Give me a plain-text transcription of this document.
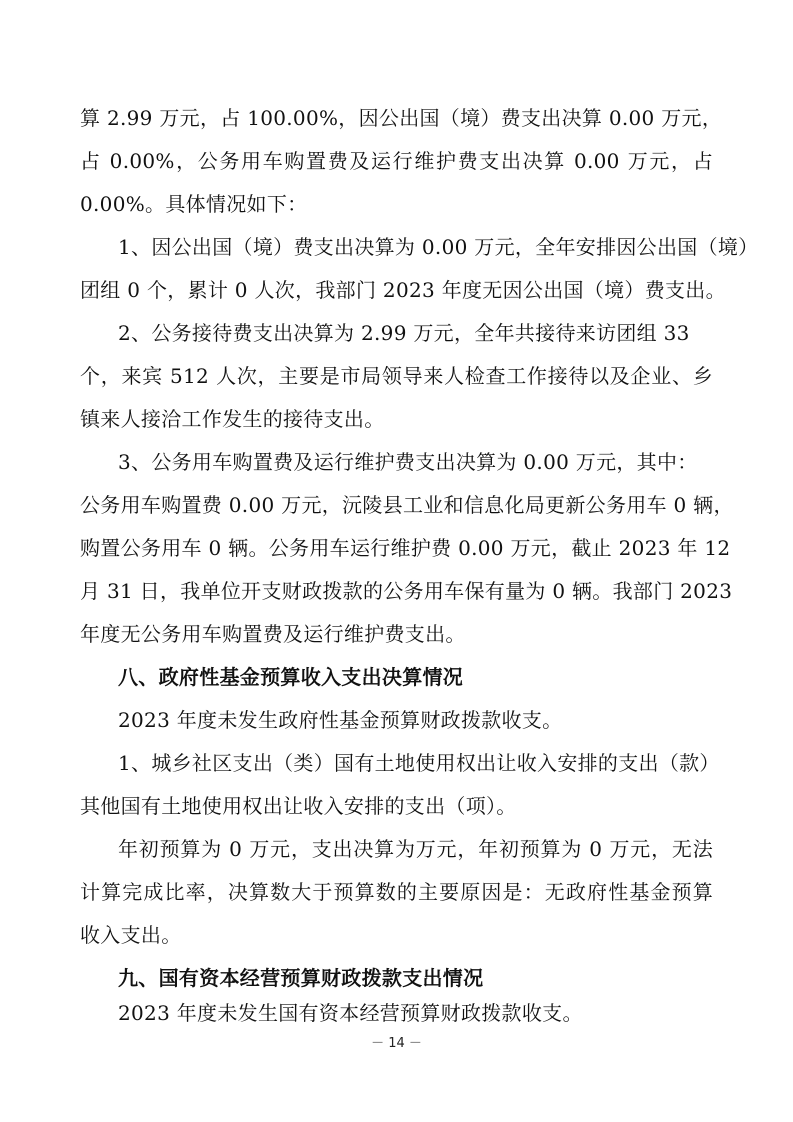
算 2.99 万元，占 100.00%，因公出国（境）费支出决算 0.00 万元，
占 0.00%，公务用车购置费及运行维护费支出决算 0.00 万元，占
0.00%。具体情况如下：
1、因公出国（境）费支出决算为 0.00 万元，全年安排因公出国（境）
团组 0 个，累计 0 人次，我部门 2023 年度无因公出国（境）费支出。
2、公务接待费支出决算为 2.99 万元，全年共接待来访团组 33
个，来宾 512 人次，主要是市局领导来人检查工作接待以及企业、乡
镇来人接洽工作发生的接待支出。
3、公务用车购置费及运行维护费支出决算为 0.00 万元，其中：
公务用车购置费 0.00 万元，沅陵县工业和信息化局更新公务用车 0 辆，
购置公务用车 0 辆。公务用车运行维护费 0.00 万元，截止 2023 年 12
月 31 日，我单位开支财政拨款的公务用车保有量为 0 辆。我部门 2023
年度无公务用车购置费及运行维护费支出。
八、政府性基金预算收入支出决算情况
2023 年度未发生政府性基金预算财政拨款收支。
1、城乡社区支出（类）国有土地使用权出让收入安排的支出（款）
其他国有土地使用权出让收入安排的支出（项）。
年初预算为 0 万元，支出决算为万元，年初预算为 0 万元，无法
计算完成比率，决算数大于预算数的主要原因是：无政府性基金预算
收入支出。
九、国有资本经营预算财政拨款支出情况
2023 年度未发生国有资本经营预算财政拨款收支。
－ 14 －
